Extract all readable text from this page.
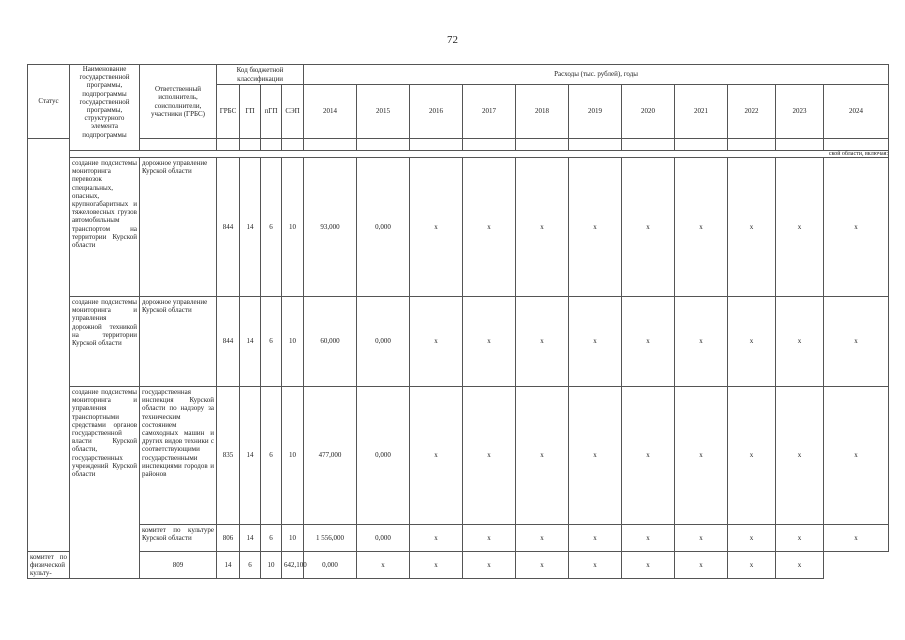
72
Статус	Наименование государственной программы, подпрограммы государственной программы, структурного элемента подпрограммы	Ответственный исполнитель, соисполнители, участники (ГРБС)	Код бюджетной классификации				Расходы (тыс. рублей), годы										
			ГРБС	ГП	пГП	СЭП	2014	2015	2016	2017	2018	2019	2020	2021	2022	2023	2024

	ской области, включая:																
	создание подсистемы мониторинга перевозок специальных, опасных, крупногабаритных и тяжеловесных грузов автомобильным транспортом на территории Курской области	дорожное управление Курской области	844	14	6	10	93,000	0,000	x	x	x	x	x	x	x	x	x
	создание подсистемы мониторинга и управления дорожной техникой на территории Курской области	дорожное управление Курской области	844	14	6	10	60,000	0,000	x	x	x	x	x	x	x	x	x
	создание подсистемы мониторинга и управления транспортными средствами органов государственной власти Курской области, государственных учреждений Курской области	государственная инспекция Курской области по надзору за техническим состоянием самоходных машин и других видов техники с соответствующими государственными инспекциями городов и районов	835	14	6	10	477,000	0,000	x	x	x	x	x	x	x	x	x
		комитет по культуре Курской области	806	14	6	10	1 556,000	0,000	x	x	x	x	x	x	x	x	x
комитет по физической культу-		809	14	6	10	642,100	0,000	x	x	x	x	x	x	x	x	x	
